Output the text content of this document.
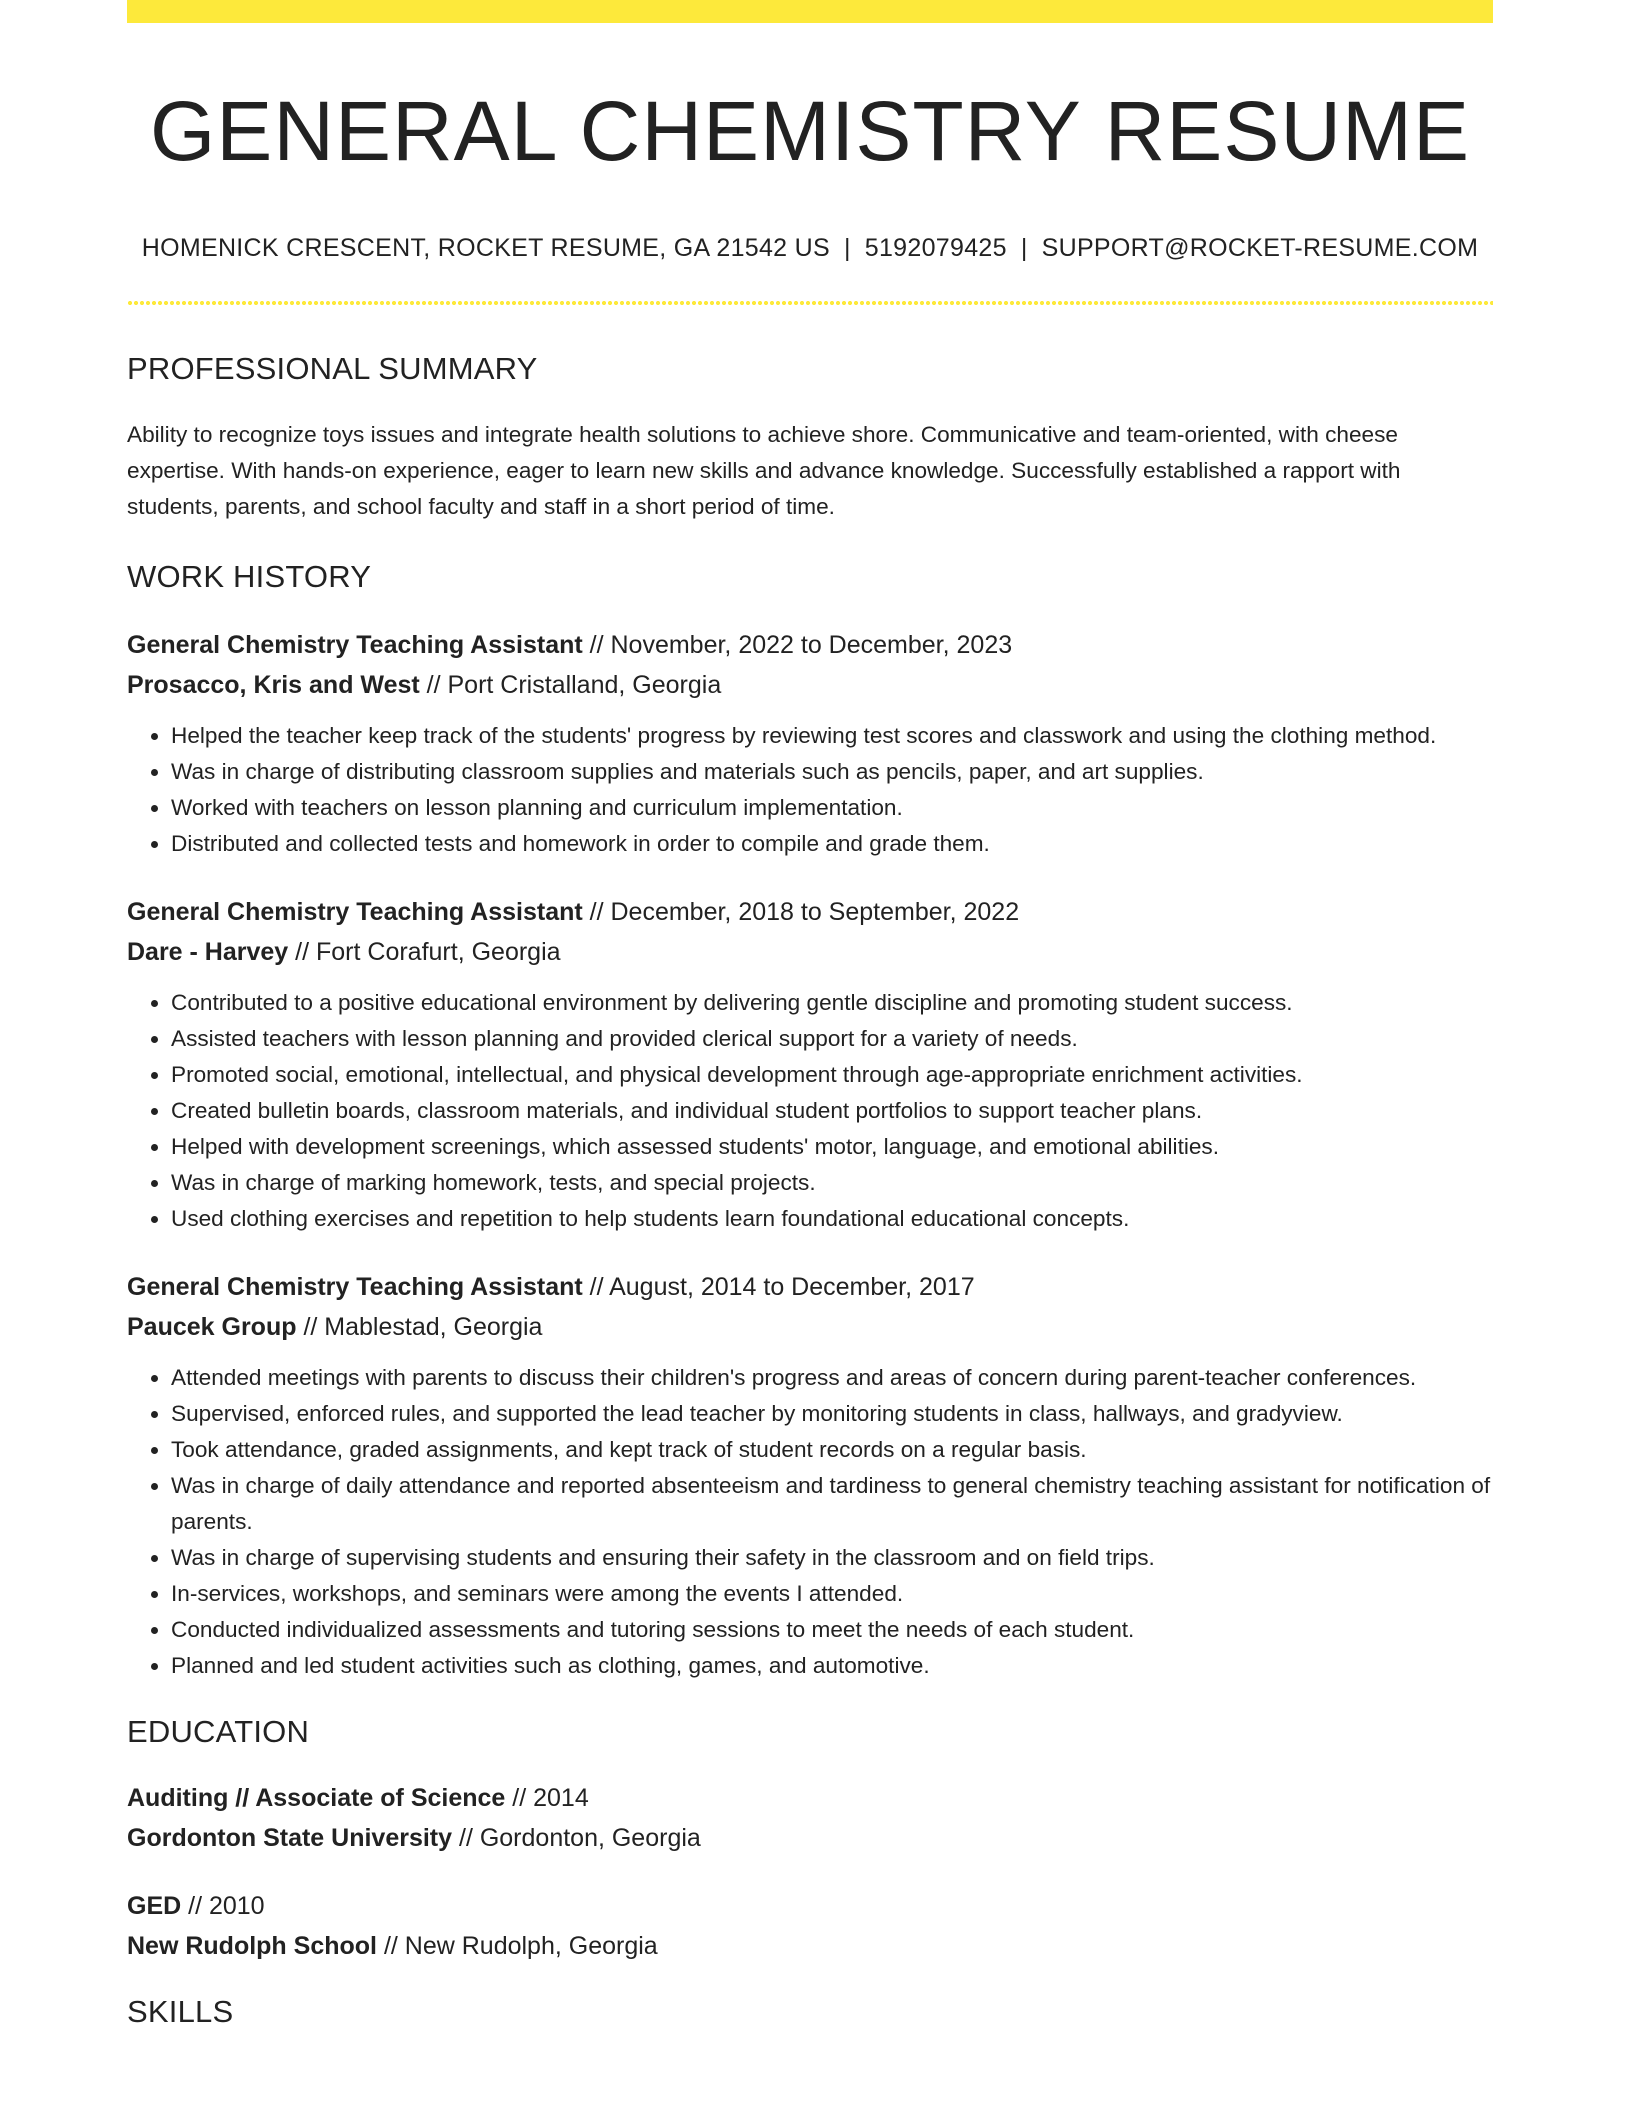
GENERAL CHEMISTRY RESUME
HOMENICK CRESCENT, ROCKET RESUME, GA 21542 US | 5192079425 | SUPPORT@ROCKET-RESUME.COM
PROFESSIONAL SUMMARY
Ability to recognize toys issues and integrate health solutions to achieve shore. Communicative and team-oriented, with cheese expertise. With hands-on experience, eager to learn new skills and advance knowledge. Successfully established a rapport with students, parents, and school faculty and staff in a short period of time.
WORK HISTORY
General Chemistry Teaching Assistant // November, 2022 to December, 2023
Prosacco, Kris and West // Port Cristalland, Georgia
• Helped the teacher keep track of the students' progress by reviewing test scores and classwork and using the clothing method.
• Was in charge of distributing classroom supplies and materials such as pencils, paper, and art supplies.
• Worked with teachers on lesson planning and curriculum implementation.
• Distributed and collected tests and homework in order to compile and grade them.
General Chemistry Teaching Assistant // December, 2018 to September, 2022
Dare - Harvey // Fort Corafurt, Georgia
• Contributed to a positive educational environment by delivering gentle discipline and promoting student success.
• Assisted teachers with lesson planning and provided clerical support for a variety of needs.
• Promoted social, emotional, intellectual, and physical development through age-appropriate enrichment activities.
• Created bulletin boards, classroom materials, and individual student portfolios to support teacher plans.
• Helped with development screenings, which assessed students' motor, language, and emotional abilities.
• Was in charge of marking homework, tests, and special projects.
• Used clothing exercises and repetition to help students learn foundational educational concepts.
General Chemistry Teaching Assistant // August, 2014 to December, 2017
Paucek Group // Mablestad, Georgia
• Attended meetings with parents to discuss their children's progress and areas of concern during parent-teacher conferences.
• Supervised, enforced rules, and supported the lead teacher by monitoring students in class, hallways, and gradyview.
• Took attendance, graded assignments, and kept track of student records on a regular basis.
• Was in charge of daily attendance and reported absenteeism and tardiness to general chemistry teaching assistant for notification of parents.
• Was in charge of supervising students and ensuring their safety in the classroom and on field trips.
• In-services, workshops, and seminars were among the events I attended.
• Conducted individualized assessments and tutoring sessions to meet the needs of each student.
• Planned and led student activities such as clothing, games, and automotive.
EDUCATION
Auditing // Associate of Science // 2014
Gordonton State University // Gordonton, Georgia
GED // 2010
New Rudolph School // New Rudolph, Georgia
SKILLS
